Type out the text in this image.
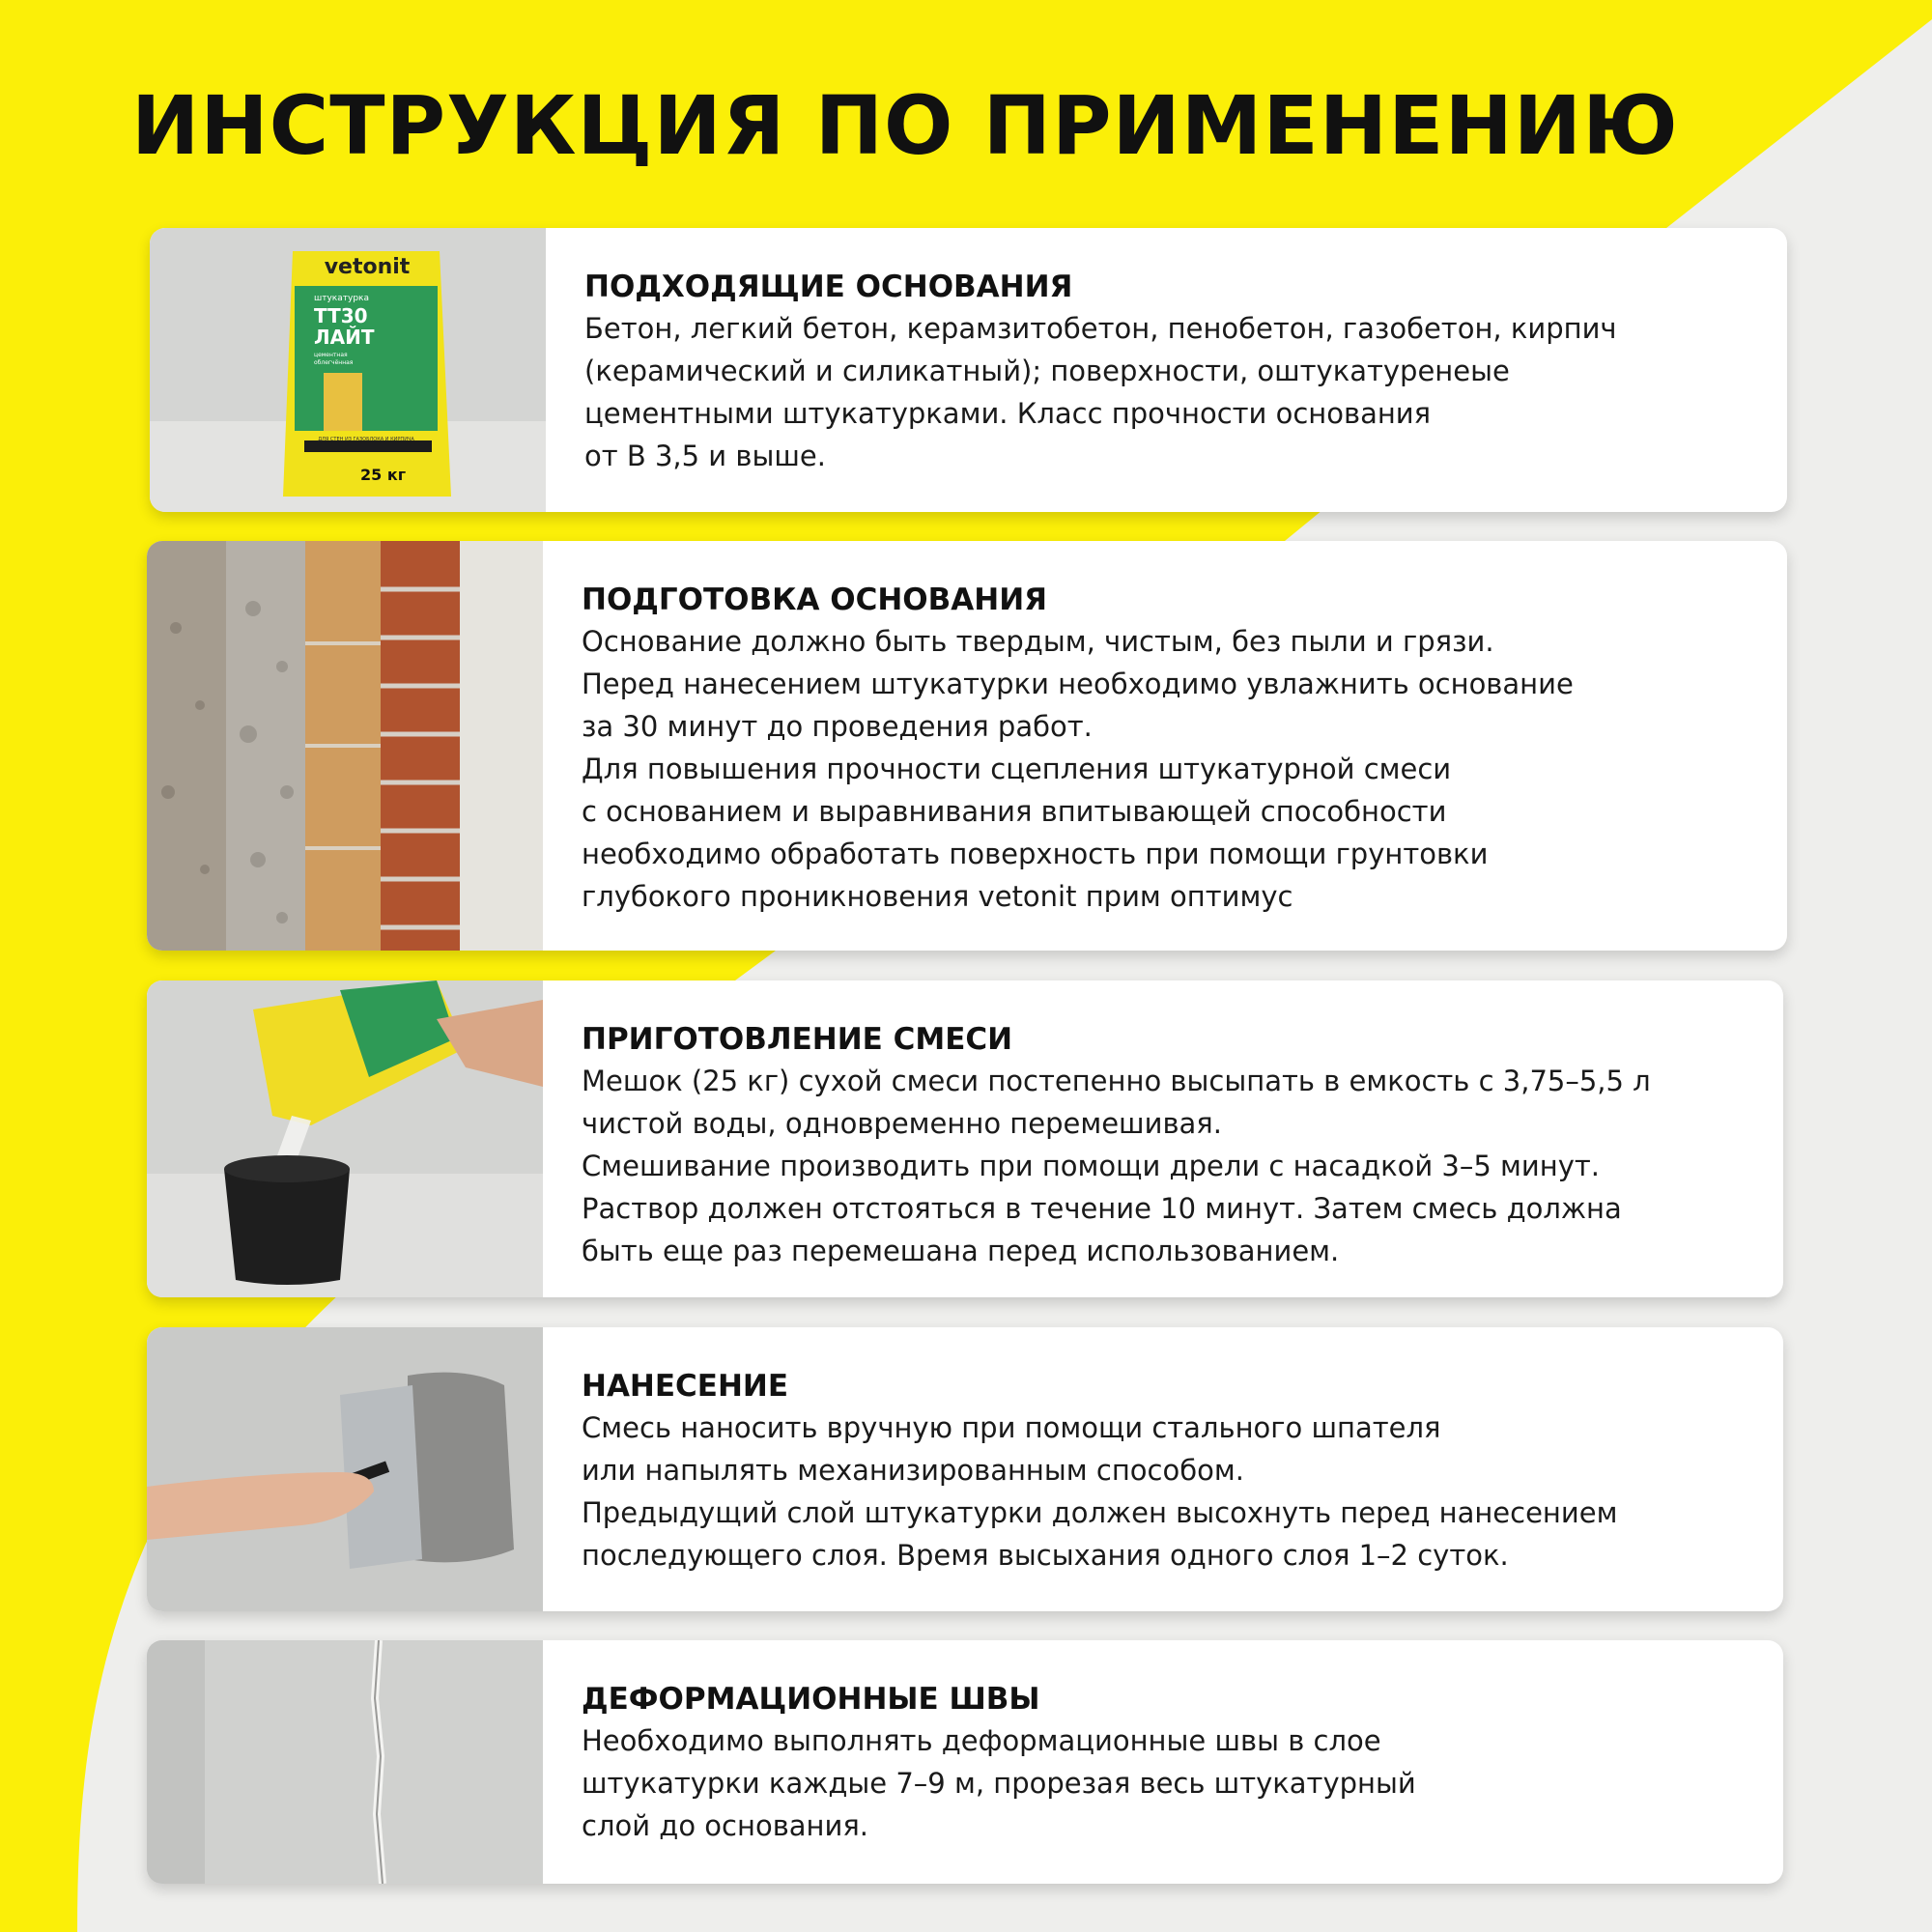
ИНСТРУКЦИЯ ПО ПРИМЕНЕНИЮ
vetonit
штукатурка
TT30
ЛАЙТ
цементная облегчённая
ДЛЯ СТЕН ИЗ ГАЗОБЛОКА И КИРПИЧА
25 кг
ПОДХОДЯЩИЕ ОСНОВАНИЯ
Бетон, легкий бетон, керамзитобетон, пенобетон, газобетон, кирпич
(керамический и силикатный); поверхности, оштукатуренеые
цементными штукатурками. Класс прочности основания
от В 3,5 и выше.
ПОДГОТОВКА ОСНОВАНИЯ
Основание должно быть твердым, чистым, без пыли и грязи.
Перед нанесением штукатурки необходимо увлажнить основание
за 30 минут до проведения работ.
Для повышения прочности сцепления штукатурной смеси
с основанием и выравнивания впитывающей способности
необходимо обработать поверхность при помощи грунтовки
глубокого проникновения vetonit прим оптимус
ПРИГОТОВЛЕНИЕ СМЕСИ
Мешок (25 кг) сухой смеси постепенно высыпать в емкость с 3,75–5,5 л
чистой воды, одновременно перемешивая.
Смешивание производить при помощи дрели с насадкой 3–5 минут.
Раствор должен отстояться в течение 10 минут. Затем смесь должна
быть еще раз перемешана перед использованием.
НАНЕСЕНИЕ
Смесь наносить вручную при помощи стального шпателя
или напылять механизированным способом.
Предыдущий слой штукатурки должен высохнуть перед нанесением
последующего слоя. Время высыхания одного слоя 1–2 суток.
ДЕФОРМАЦИОННЫЕ ШВЫ
Необходимо выполнять деформационные швы в слое
штукатурки каждые 7–9 м, прорезая весь штукатурный
слой до основания.
